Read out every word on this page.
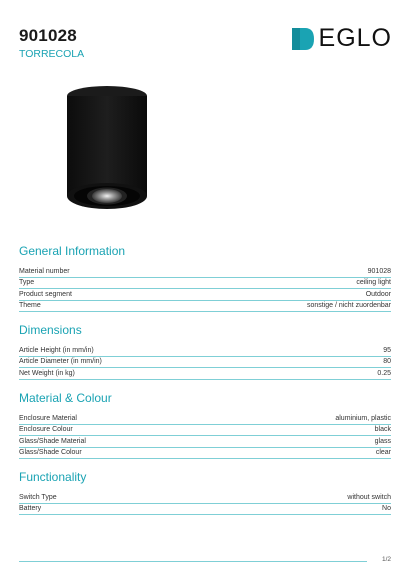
901028
TORRECOLA
EGLO
General Information
Material number	901028
Type	ceiling light
Product segment	Outdoor
Theme	sonstige / nicht zuordenbar
Dimensions
Article Height (in mm/in)	95
Article Diameter (in mm/in)	80
Net Weight (in kg)	0.25
Material & Colour
Enclosure Material	aluminium, plastic
Enclosure Colour	black
Glass/Shade Material	glass
Glass/Shade Colour	clear
Functionality
Switch Type	without switch
Battery	No
1/2
